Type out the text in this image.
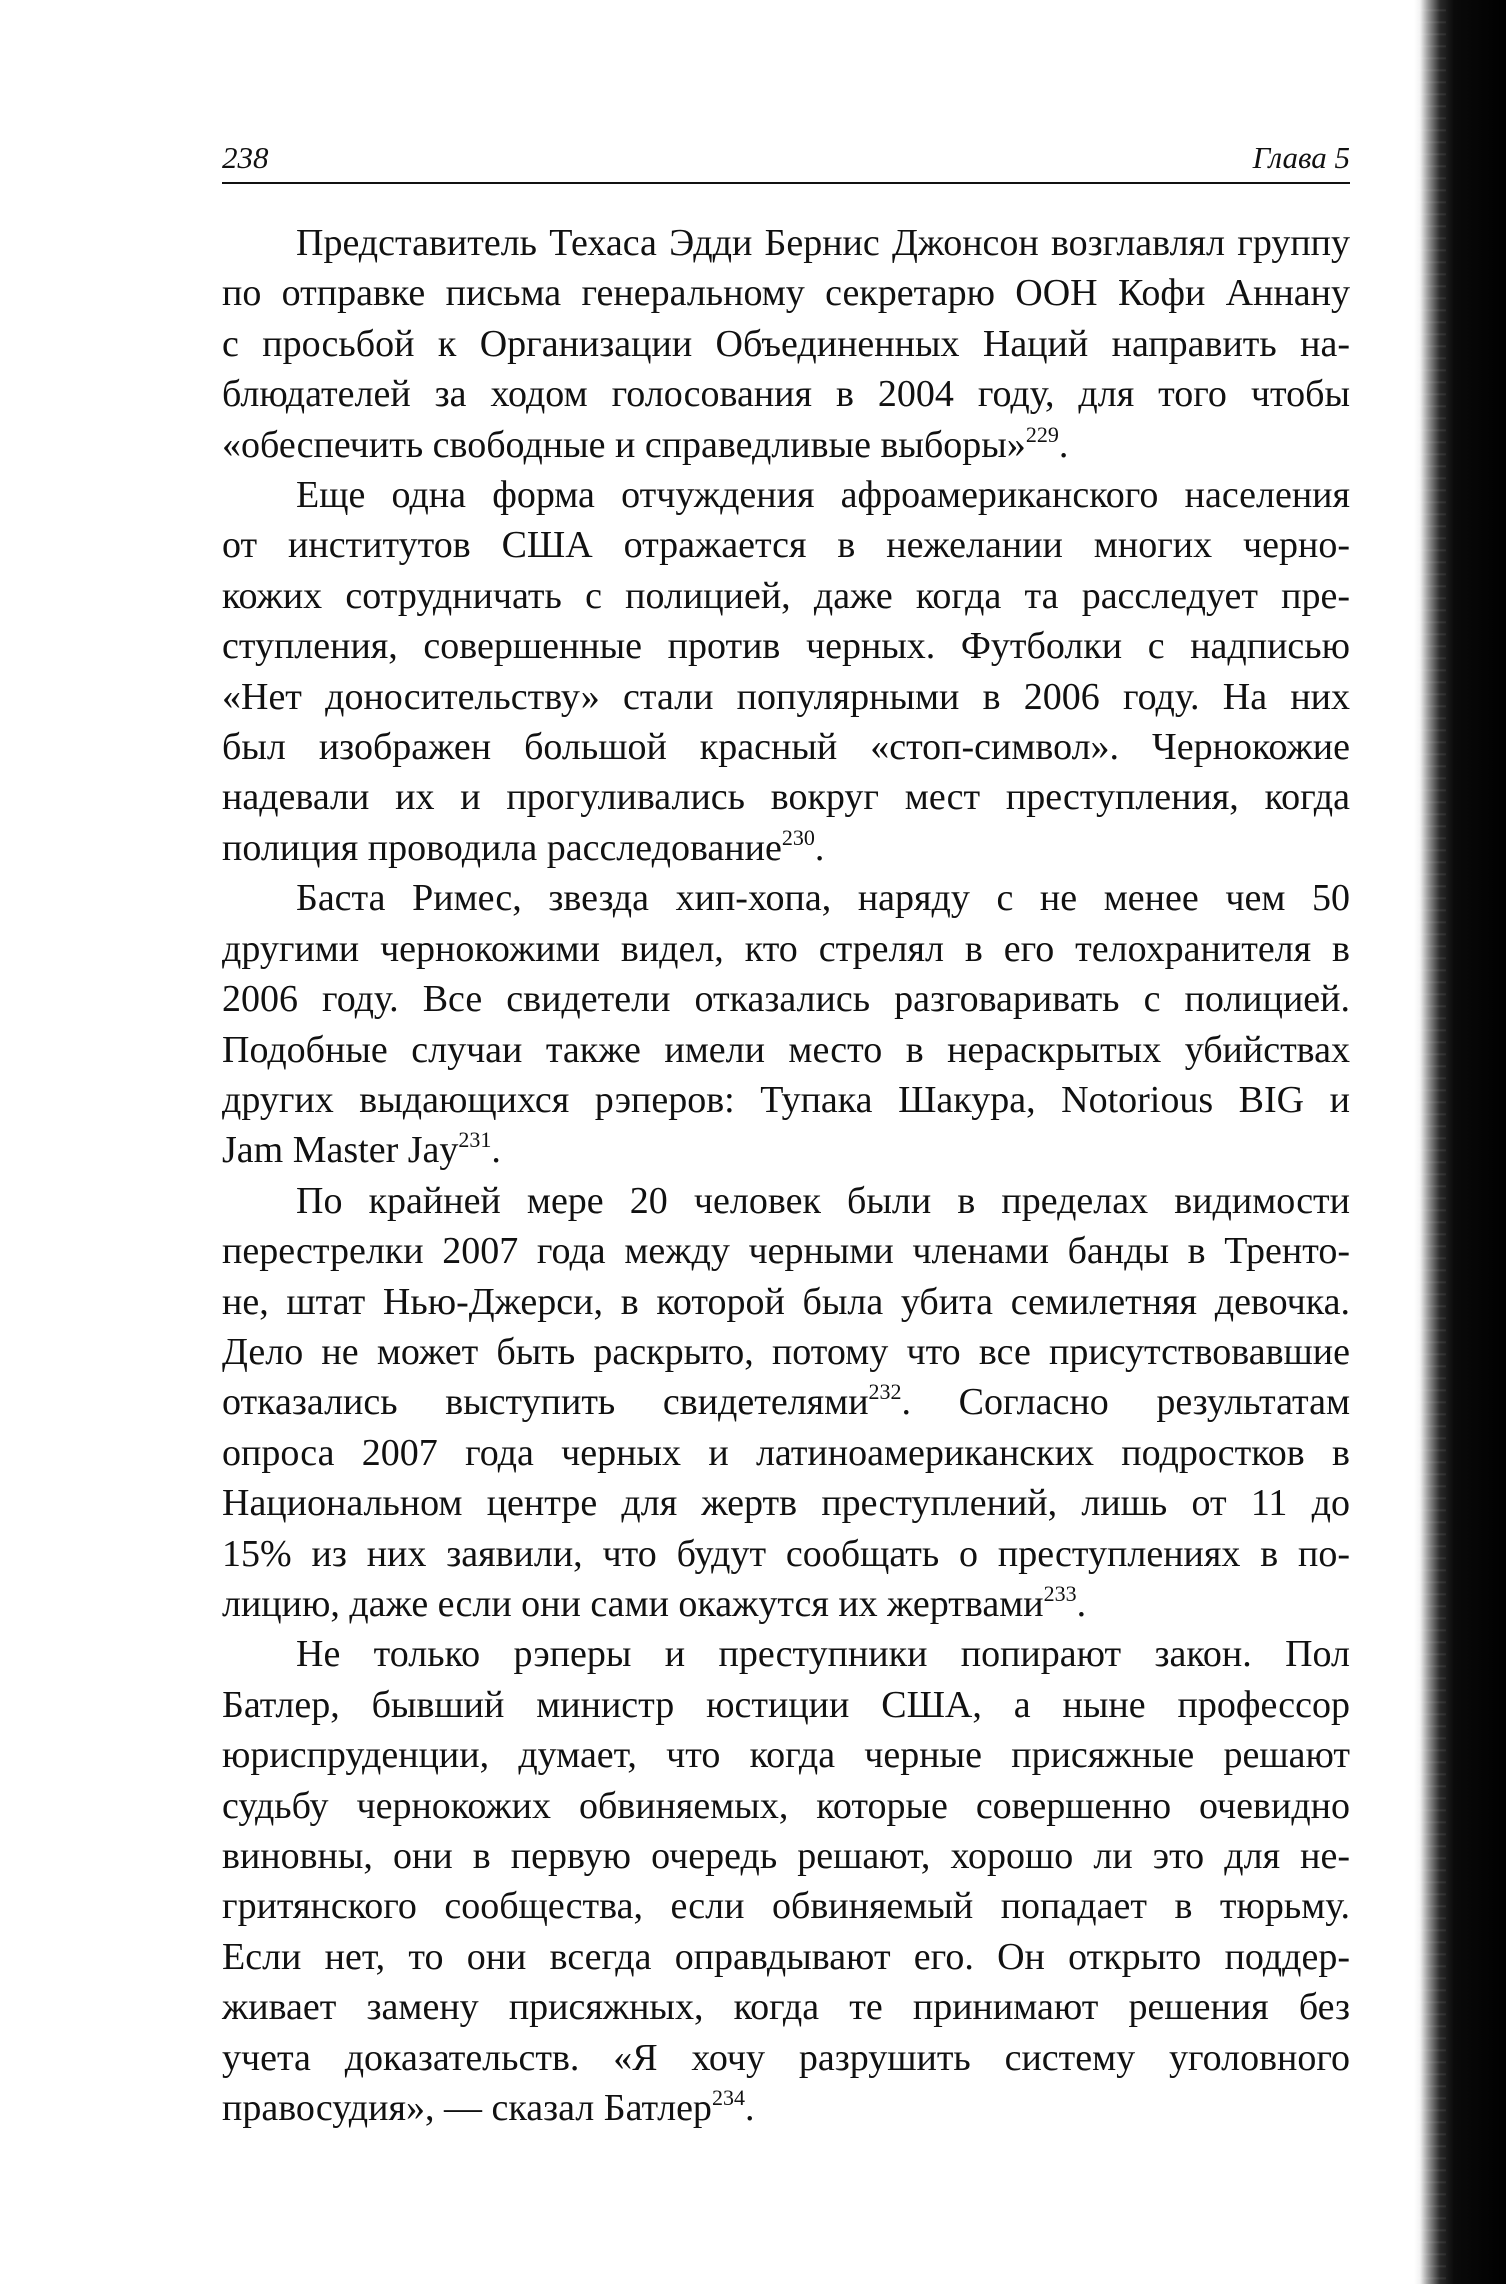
238	Глава 5
Представитель Техаса Эдди Бернис Джонсон возглавлял группу
по отправке письма генеральному секретарю ООН Кофи Аннану
с просьбой к Организации Объединенных Наций направить на-
блюдателей за ходом голосования в 2004 году, для того чтобы
«обеспечить свободные и справедливые выборы»$^{229}$.
Еще одна форма отчуждения афроамериканского населения
от институтов США отражается в нежелании многих черно-
кожих сотрудничать с полицией, даже когда та расследует пре-
ступления, совершенные против черных. Футболки с надписью
«Нет доносительству» стали популярными в 2006 году. На них
был изображен большой красный «стоп-символ». Чернокожие
надевали их и прогуливались вокруг мест преступления, когда
полиция проводила расследование$^{230}$.
Баста Римес, звезда хип-хопа, наряду с не менее чем 50
другими чернокожими видел, кто стрелял в его телохранителя в
2006 году. Все свидетели отказались разговаривать с полицией.
Подобные случаи также имели место в нераскрытых убийствах
других выдающихся рэперов: Тупака Шакура, Notorious BIG и
Jam Master Jay$^{231}$.
По крайней мере 20 человек были в пределах видимости
перестрелки 2007 года между черными членами банды в Тренто-
не, штат Нью-Джерси, в которой была убита семилетняя девочка.
Дело не может быть раскрыто, потому что все присутствовавшие
отказались выступить свидетелями$^{232}$. Согласно результатам
опроса 2007 года черных и латиноамериканских подростков в
Национальном центре для жертв преступлений, лишь от 11 до
15% из них заявили, что будут сообщать о преступлениях в по-
лицию, даже если они сами окажутся их жертвами$^{233}$.
Не только рэперы и преступники попирают закон. Пол
Батлер, бывший министр юстиции США, а ныне профессор
юриспруденции, думает, что когда черные присяжные решают
судьбу чернокожих обвиняемых, которые совершенно очевидно
виновны, они в первую очередь решают, хорошо ли это для не-
гритянского сообщества, если обвиняемый попадает в тюрьму.
Если нет, то они всегда оправдывают его. Он открыто поддер-
живает замену присяжных, когда те принимают решения без
учета доказательств. «Я хочу разрушить систему уголовного
правосудия», — сказал Батлер$^{234}$.
